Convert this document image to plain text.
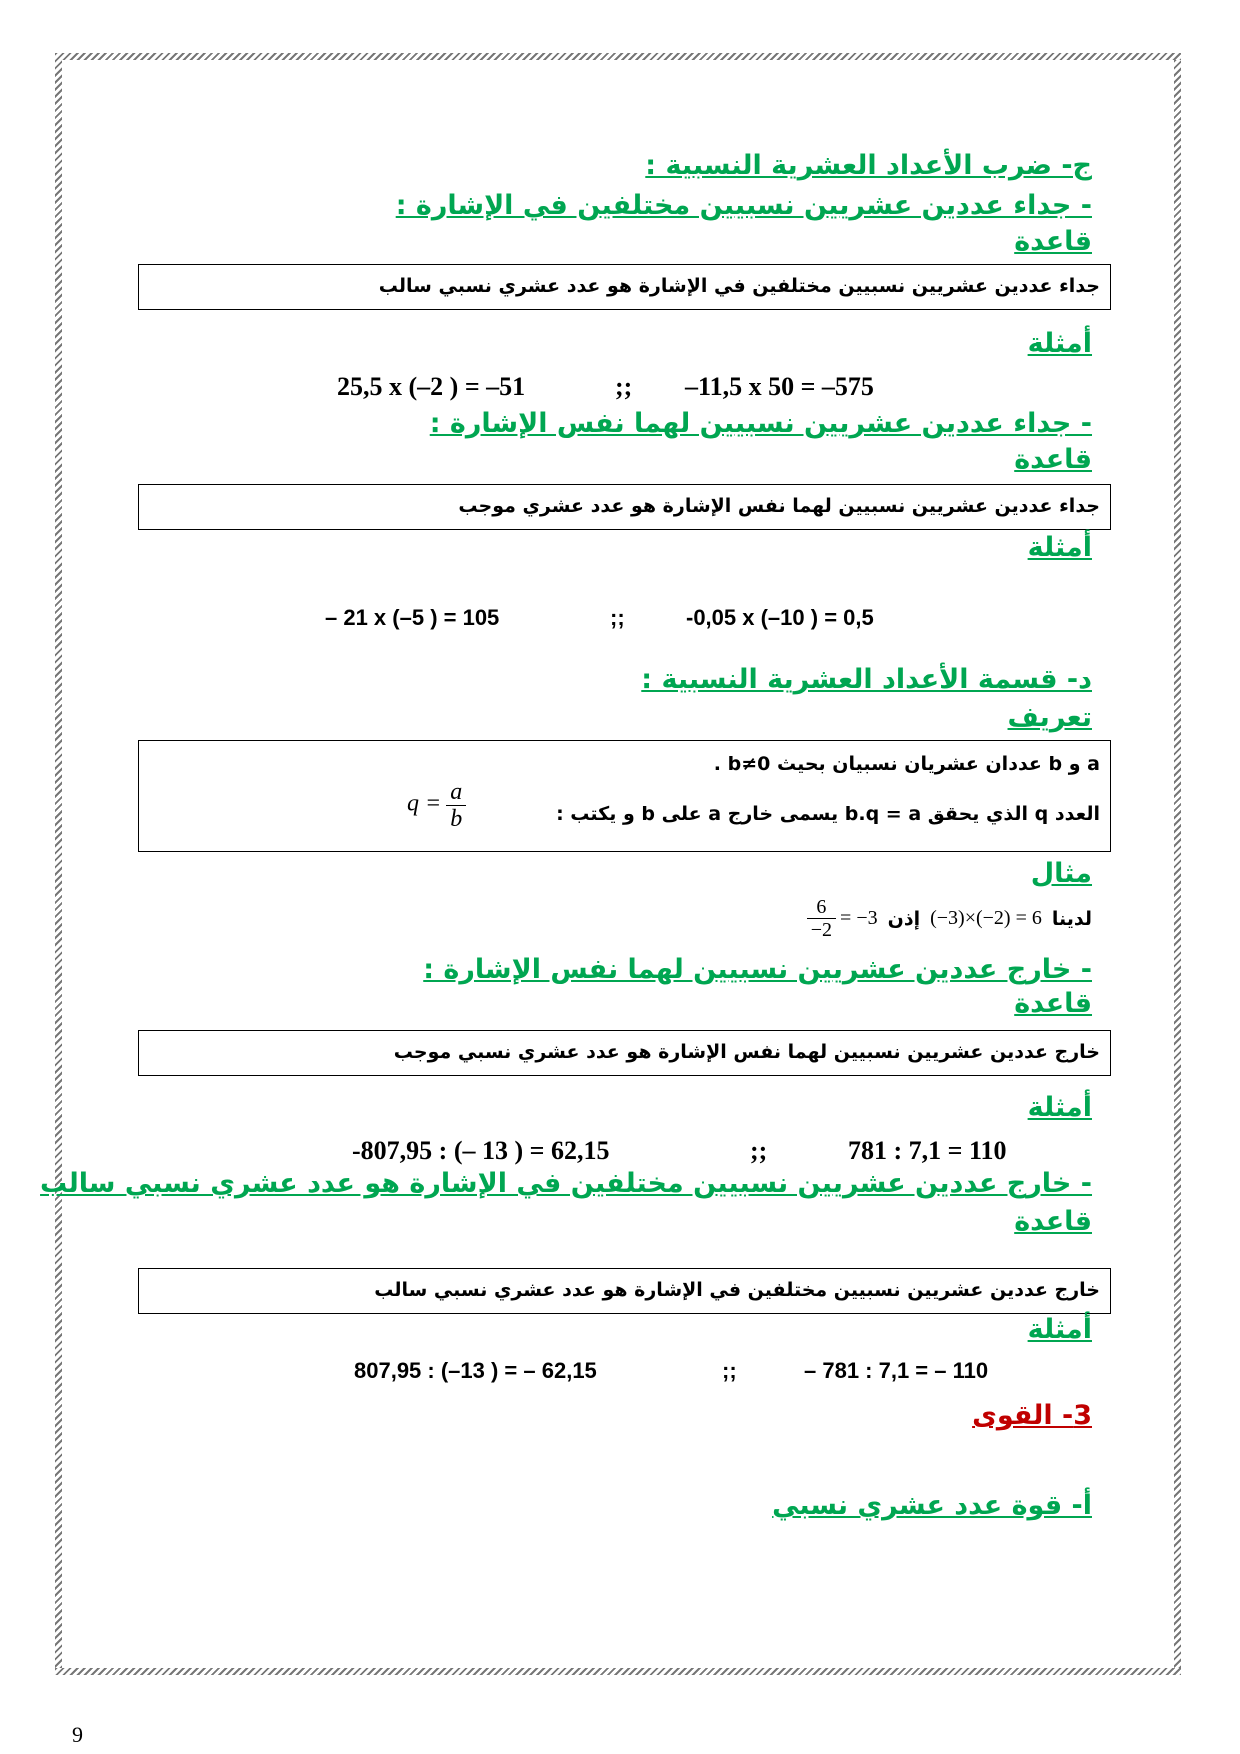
ج- ضرب الأعداد العشرية النسبية :
- جداء عددين عشريين نسبيين مختلفين في الإشارة :
قاعدة
جداء عددين عشريين نسبيين مختلفين في الإشارة هو عدد عشري نسبي سالب
أمثلة
25,5 x (–2 ) = –51	;; –11,5 x 50 = –575
- جداء عددين عشريين نسبيين لهما نفس الإشارة :
قاعدة
جداء عددين عشريين نسبيين لهما نفس الإشارة هو عدد عشري موجب
أمثلة
– 21 x (–5 ) = 105	;;	-0,05 x (–10 ) = 0,5
د- قسمة الأعداد العشرية النسبية :
تعريف
a و b عددان عشريان نسبيان بحيث b≠0 .
العدد q الذي يحقق b.q = a يسمى خارج a على b و يكتب :
$q = \frac{a}{b}$
مثال
لدينا
(−3)×(−2) = 6
إذن
$\frac{6}{-2} = -3$
- خارج عددين عشريين نسبيين لهما نفس الإشارة :
قاعدة
خارج عددين عشريين نسبيين لهما نفس الإشارة هو عدد عشري نسبي موجب
أمثلة
-807,95 : (– 13 ) = 62,15	;;	781 : 7,1 = 110
- خارج عددين عشريين نسبيين مختلفين في الإشارة هو عدد عشري نسبي سالب
قاعدة
خارج عددين عشريين نسبيين مختلفين في الإشارة هو عدد عشري نسبي سالب
أمثلة
807,95 : (–13 ) = – 62,15	;;	– 781 : 7,1 = – 110
3- القوى
أ- قوة عدد عشري نسبي
9
